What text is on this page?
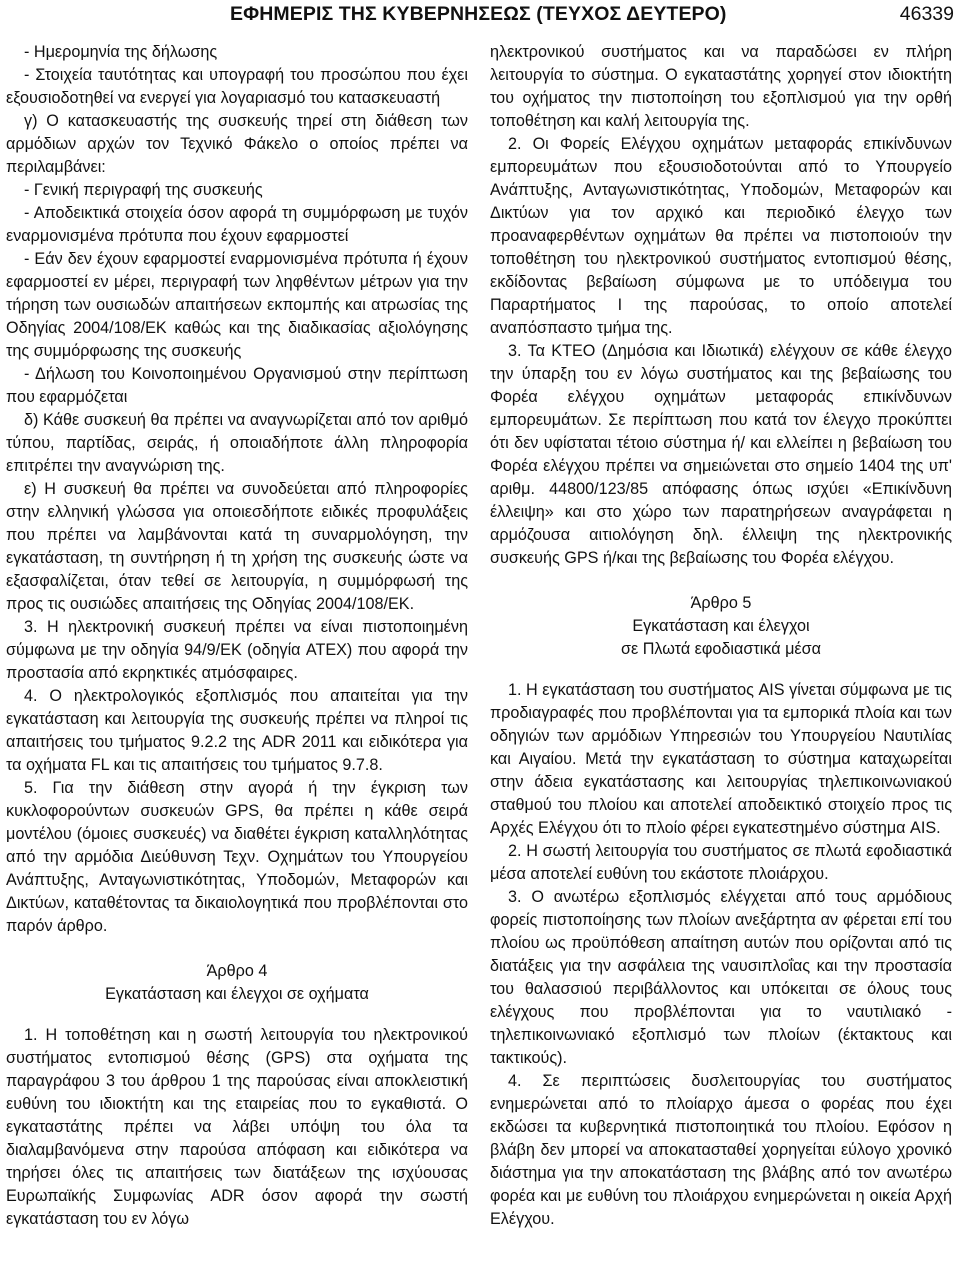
ΕΦΗΜΕΡΙΣ ΤΗΣ ΚΥΒΕΡΝΗΣΕΩΣ (ΤΕΥΧΟΣ ΔΕΥΤΕΡΟ)	46339

- Ημερομηνία της δήλωσης

- Στοιχεία ταυτότητας και υπογραφή του προσώπου που έχει εξουσιοδοτηθεί να ενεργεί για λογαριασμό του κατασκευαστή

γ) Ο κατασκευαστής της συσκευής τηρεί στη διάθεση των αρμόδιων αρχών τον Τεχνικό Φάκελο ο οποίος πρέπει να περιλαμβάνει:

- Γενική περιγραφή της συσκευής

- Αποδεικτικά στοιχεία όσον αφορά τη συμμόρφωση με τυχόν εναρμονισμένα πρότυπα που έχουν εφαρμοστεί

- Εάν δεν έχουν εφαρμοστεί εναρμονισμένα πρότυπα ή έχουν εφαρμοστεί εν μέρει, περιγραφή των ληφθέντων μέτρων για την τήρηση των ουσιωδών απαιτήσεων εκπομπής και ατρωσίας της Οδηγίας 2004/108/ΕΚ καθώς και της διαδικασίας αξιολόγησης της συμμόρφωσης της συσκευής

- Δήλωση του Κοινοποιημένου Οργανισμού στην περίπτωση που εφαρμόζεται

δ) Κάθε συσκευή θα πρέπει να αναγνωρίζεται από τον αριθμό τύπου, παρτίδας, σειράς, ή οποιαδήποτε άλλη πληροφορία επιτρέπει την αναγνώριση της.

ε) Η συσκευή θα πρέπει να συνοδεύεται από πληροφορίες στην ελληνική γλώσσα για οποιεσδήποτε ειδικές προφυλάξεις που πρέπει να λαμβάνονται κατά τη συναρμολόγηση, την εγκατάσταση, τη συντήρηση ή τη χρήση της συσκευής ώστε να εξασφαλίζεται, όταν τεθεί σε λειτουργία, η συμμόρφωσή της προς τις ουσιώδες απαιτήσεις της Οδηγίας 2004/108/ΕΚ.

3. Η ηλεκτρονική συσκευή πρέπει να είναι πιστοποιημένη σύμφωνα με την οδηγία 94/9/ΕΚ (οδηγία ATEX) που αφορά την προστασία από εκρηκτικές ατμόσφαιρες.

4. Ο ηλεκτρολογικός εξοπλισμός που απαιτείται για την εγκατάσταση και λειτουργία της συσκευής πρέπει να πληροί τις απαιτήσεις του τμήματος 9.2.2 της ADR 2011 και ειδικότερα για τα οχήματα FL και τις απαιτήσεις του τμήματος 9.7.8.

5. Για την διάθεση στην αγορά ή την έγκριση των κυκλοφορούντων συσκευών GPS, θα πρέπει η κάθε σειρά μοντέλου (όμοιες συσκευές) να διαθέτει έγκριση καταλληλότητας από την αρμόδια Διεύθυνση Τεχν. Οχημάτων του Υπουργείου Ανάπτυξης, Ανταγωνιστικότητας, Υποδομών, Μεταφορών και Δικτύων, καταθέτοντας τα δικαιολογητικά που προβλέπονται στο παρόν άρθρο.

Άρθρο 4

Εγκατάσταση και έλεγχοι σε οχήματα

1. Η τοποθέτηση και η σωστή λειτουργία του ηλεκτρονικού συστήματος εντοπισμού θέσης (GPS) στα οχήματα της παραγράφου 3 του άρθρου 1 της παρούσας είναι αποκλειστική ευθύνη του ιδιοκτήτη και της εταιρείας που το εγκαθιστά. Ο εγκαταστάτης πρέπει να λάβει υπόψη του όλα τα διαλαμβανόμενα στην παρούσα απόφαση και ειδικότερα να τηρήσει όλες τις απαιτήσεις των διατάξεων της ισχύουσας Ευρωπαϊκής Συμφωνίας ADR όσον αφορά την σωστή εγκατάσταση του εν λόγω

ηλεκτρονικού συστήματος και να παραδώσει εν πλήρη λειτουργία το σύστημα. Ο εγκαταστάτης χορηγεί στον ιδιοκτήτη του οχήματος την πιστοποίηση του εξοπλισμού για την ορθή τοποθέτηση και καλή λειτουργία της.

2. Οι Φορείς Ελέγχου οχημάτων μεταφοράς επικίνδυνων εμπορευμάτων που εξουσιοδοτούνται από το Υπουργείο Ανάπτυξης, Ανταγωνιστικότητας, Υποδομών, Μεταφορών και Δικτύων για τον αρχικό και περιοδικό έλεγχο των προαναφερθέντων οχημάτων θα πρέπει να πιστοποιούν την τοποθέτηση του ηλεκτρονικού συστήματος εντοπισμού θέσης, εκδίδοντας βεβαίωση σύμφωνα με το υπόδειγμα του Παραρτήματος Ι της παρούσας, το οποίο αποτελεί αναπόσπαστο τμήμα της.

3. Τα ΚΤΕΟ (Δημόσια και Ιδιωτικά) ελέγχουν σε κάθε έλεγχο την ύπαρξη του εν λόγω συστήματος και της βεβαίωσης του Φορέα ελέγχου οχημάτων μεταφοράς επικίνδυνων εμπορευμάτων. Σε περίπτωση που κατά τον έλεγχο προκύπτει ότι δεν υφίσταται τέτοιο σύστημα ή/ και ελλείπει η βεβαίωση του Φορέα ελέγχου πρέπει να σημειώνεται στο σημείο 1404 της υπ' αριθμ. 44800/123/85 απόφασης όπως ισχύει «Επικίνδυνη έλλειψη» και στο χώρο των παρατηρήσεων αναγράφεται η αρμόζουσα αιτιολόγηση δηλ. έλλειψη της ηλεκτρονικής συσκευής GPS ή/και της βεβαίωσης του Φορέα ελέγχου.

Άρθρο 5

Εγκατάσταση και έλεγχοι

σε Πλωτά εφοδιαστικά μέσα

1. Η εγκατάσταση του συστήματος AIS γίνεται σύμφωνα με τις προδιαγραφές που προβλέπονται για τα εμπορικά πλοία και των οδηγιών των αρμόδιων Υπηρεσιών του Υπουργείου Ναυτιλίας και Αιγαίου. Μετά την εγκατάσταση το σύστημα καταχωρείται στην άδεια εγκατάστασης και λειτουργίας τηλεπικοινωνιακού σταθμού του πλοίου και αποτελεί αποδεικτικό στοιχείο προς τις Αρχές Ελέγχου ότι το πλοίο φέρει εγκατεστημένο σύστημα AIS.

2. Η σωστή λειτουργία του συστήματος σε πλωτά εφοδιαστικά μέσα αποτελεί ευθύνη του εκάστοτε πλοιάρχου.

3. Ο ανωτέρω εξοπλισμός ελέγχεται από τους αρμόδιους φορείς πιστοποίησης των πλοίων ανεξάρτητα αν φέρεται επί του πλοίου ως προϋπόθεση απαίτηση αυτών που ορίζονται από τις διατάξεις για την ασφάλεια της ναυσιπλοΐας και την προστασία του θαλασσιού περιβάλλοντος και υπόκειται σε όλους τους ελέγχους που προβλέπονται για το ναυτιλιακό - τηλεπικοινωνιακό εξοπλισμό των πλοίων (έκτακτους και τακτικούς).

4. Σε περιπτώσεις δυσλειτουργίας του συστήματος ενημερώνεται από το πλοίαρχο άμεσα ο φορέας που έχει εκδώσει τα κυβερνητικά πιστοποιητικά του πλοίου. Εφόσον η βλάβη δεν μπορεί να αποκατασταθεί χορηγείται εύλογο χρονικό διάστημα για την αποκατάσταση της βλάβης από τον ανωτέρω φορέα και με ευθύνη του πλοιάρχου ενημερώνεται η οικεία Αρχή Ελέγχου.
